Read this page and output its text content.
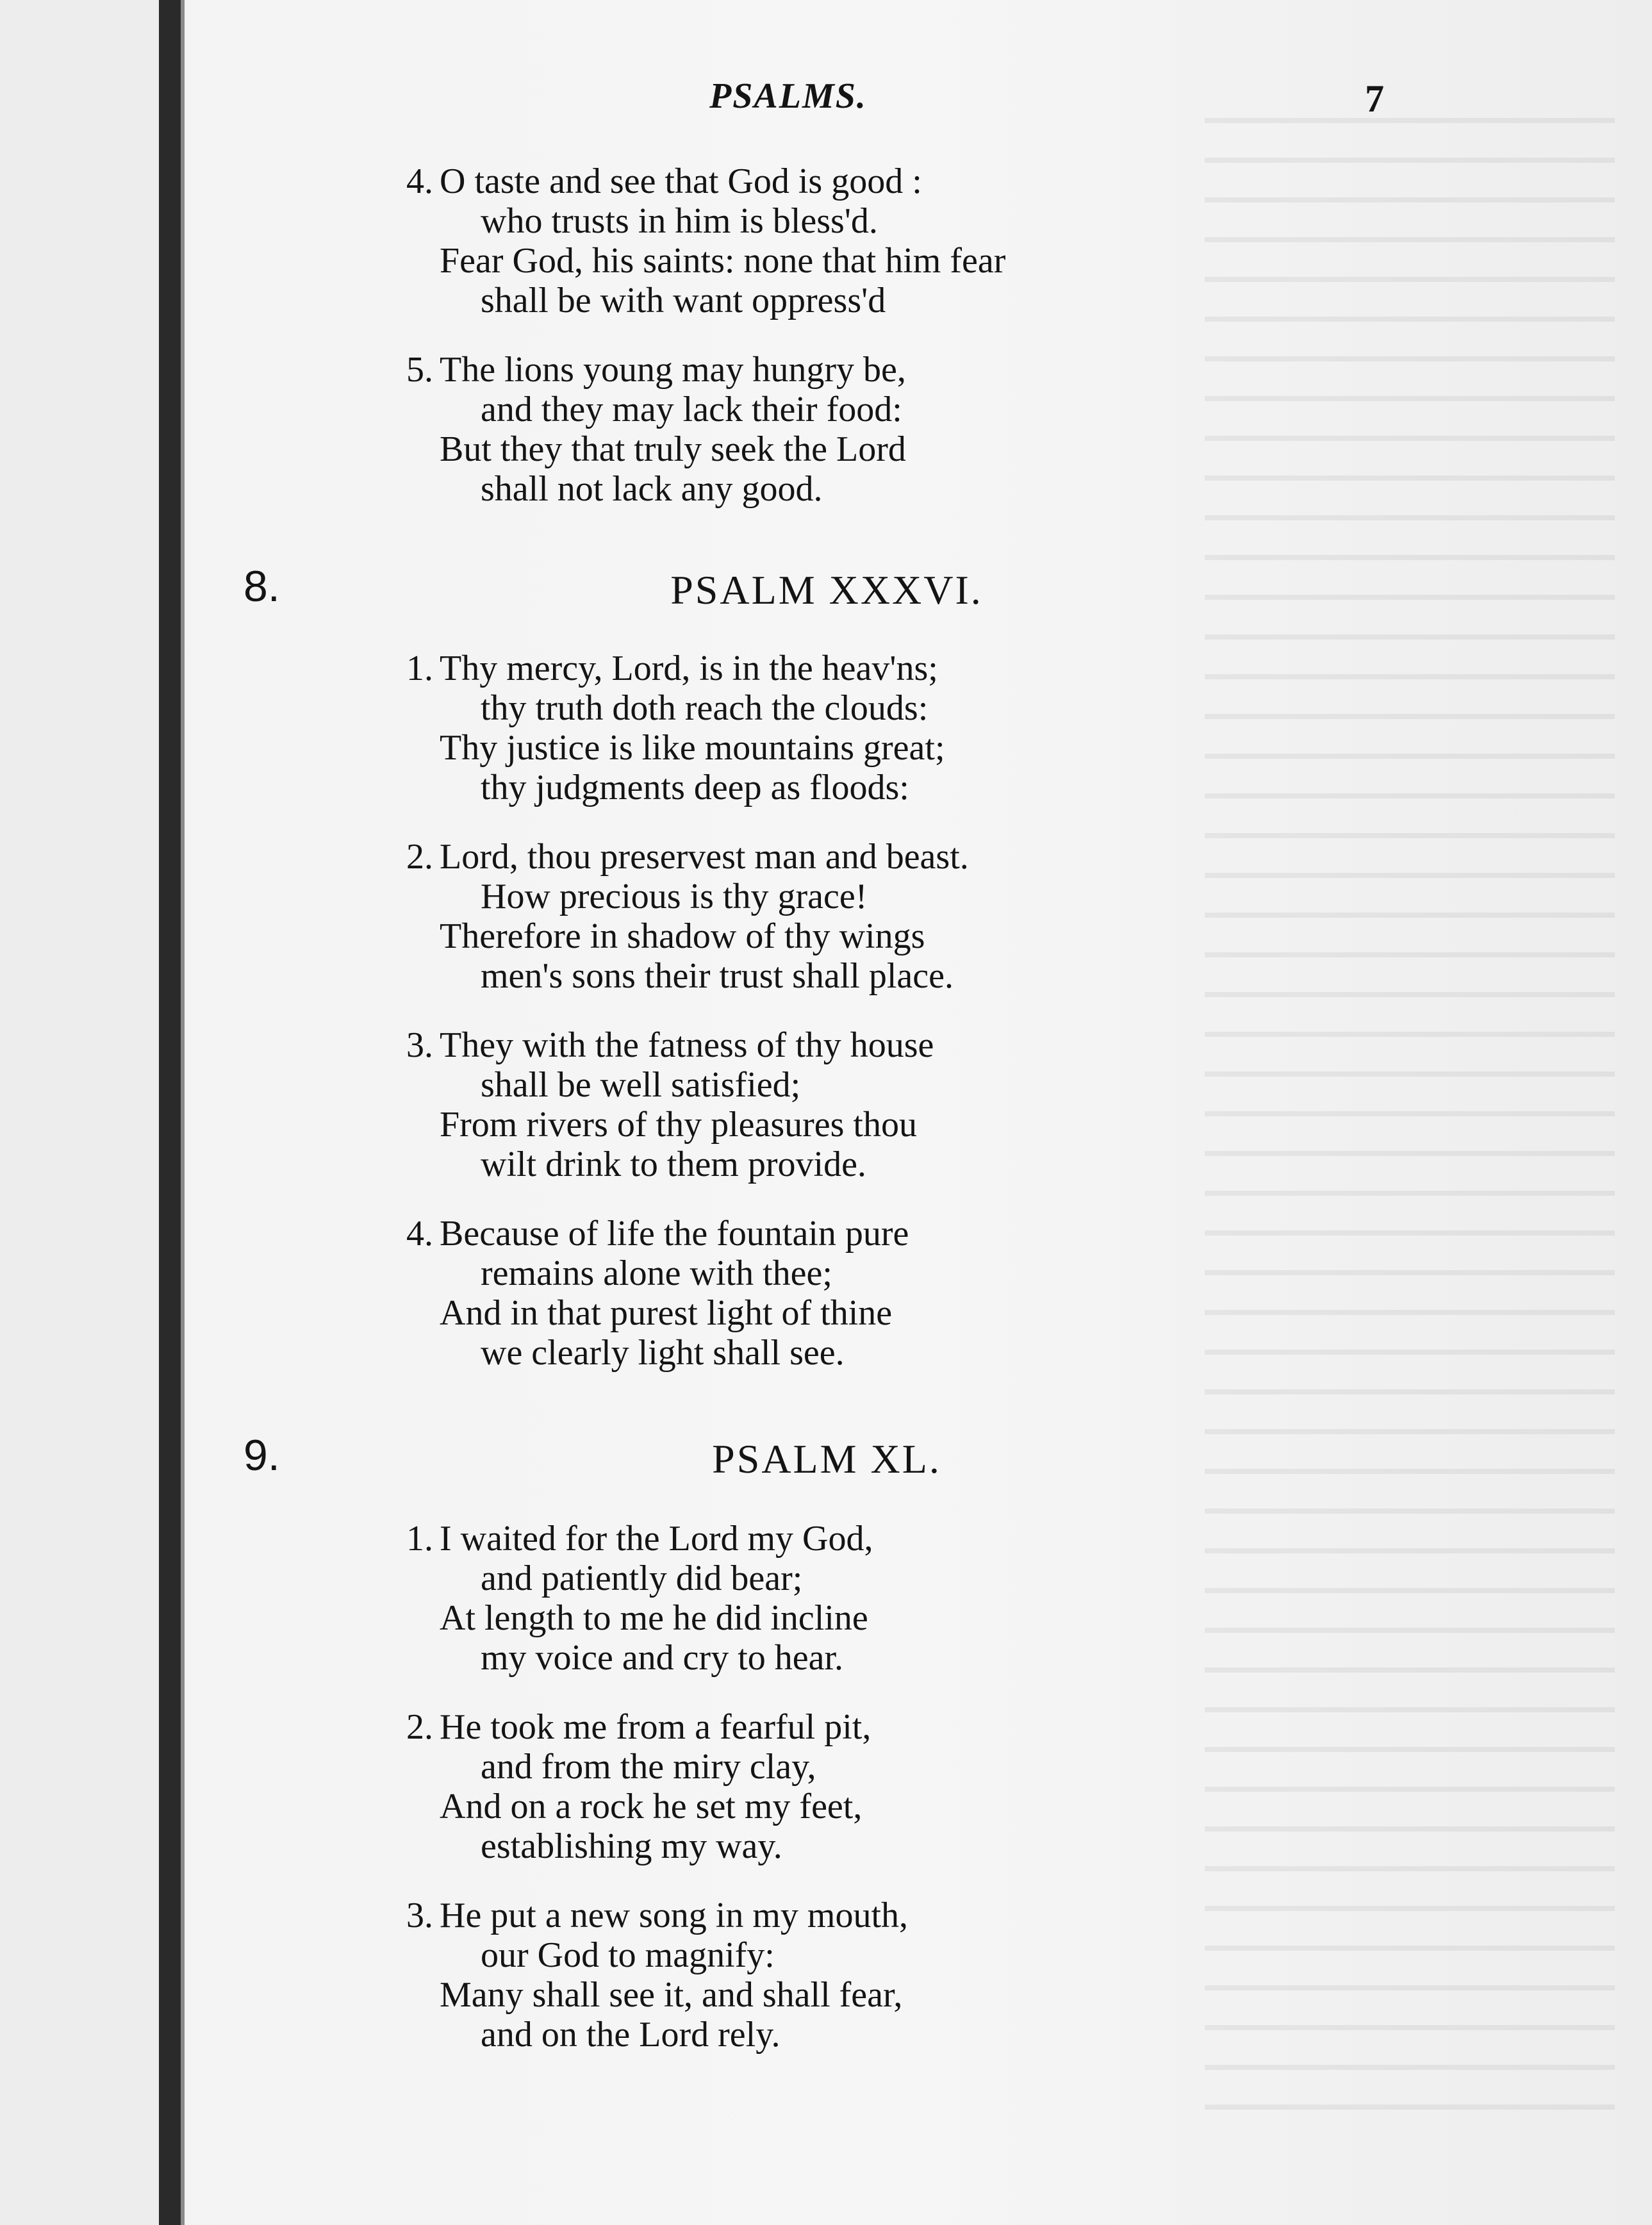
PSALMS.	7
4. O taste and see that God is good :
who trusts in him is bless'd.
Fear God, his saints: none that him fear
shall be with want oppress'd
5. The lions young may hungry be,
and they may lack their food:
But they that truly seek the Lord
shall not lack any good.
8.	PSALM XXXVI.
1. Thy mercy, Lord, is in the heav'ns;
thy truth doth reach the clouds:
Thy justice is like mountains great;
thy judgments deep as floods:
2. Lord, thou preservest man and beast.
How precious is thy grace!
Therefore in shadow of thy wings
men's sons their trust shall place.
3. They with the fatness of thy house
shall be well satisfied;
From rivers of thy pleasures thou
wilt drink to them provide.
4. Because of life the fountain pure
remains alone with thee;
And in that purest light of thine
we clearly light shall see.
9.	PSALM XL.
1. I waited for the Lord my God,
and patiently did bear;
At length to me he did incline
my voice and cry to hear.
2. He took me from a fearful pit,
and from the miry clay,
And on a rock he set my feet,
establishing my way.
3. He put a new song in my mouth,
our God to magnify:
Many shall see it, and shall fear,
and on the Lord rely.
